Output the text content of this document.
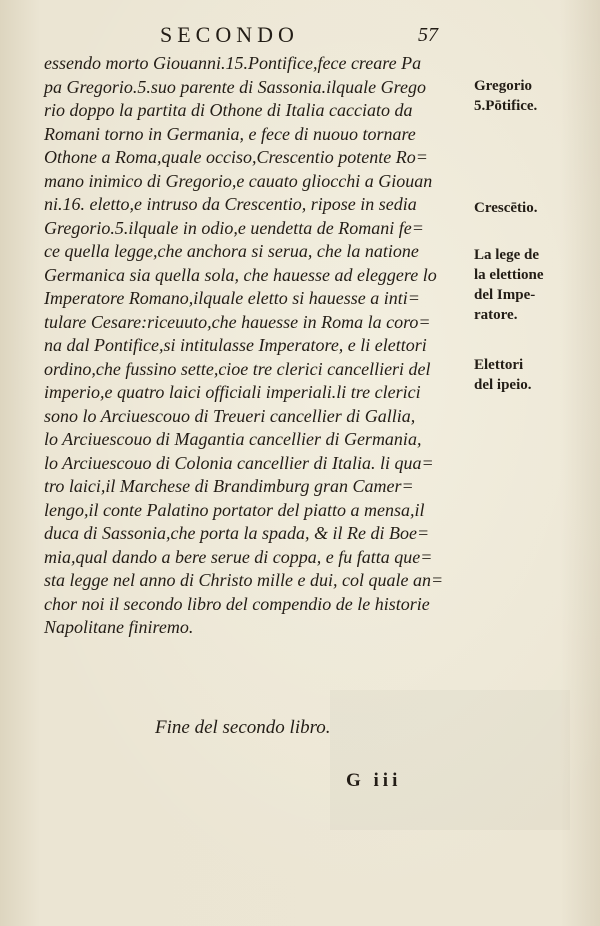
SECONDO	57
essendo morto Giouanni.15.Pontifice,fece creare Pa
pa Gregorio.5.suo parente di Sassonia.ilquale Grego
rio doppo la partita di Othone di Italia cacciato da
Romani torno in Germania, e fece di nuouo tornare
Othone a Roma,quale occiso,Crescentio potente Ro=
mano inimico di Gregorio,e cauato gliocchi a Giouan
ni.16. eletto,e intruso da Crescentio, ripose in sedia
Gregorio.5.ilquale in odio,e uendetta de Romani fe=
ce quella legge,che anchora si serua, che la natione
Germanica sia quella sola, che hauesse ad eleggere lo
Imperatore Romano,ilquale eletto si hauesse a inti=
tulare Cesare:riceuuto,che hauesse in Roma la coro=
na dal Pontifice,si intitulasse Imperatore, e li elettori
ordino,che fussino sette,cioe tre clerici cancellieri del
imperio,e quatro laici officiali imperiali.li tre clerici
sono lo Arciuescouo di Treueri cancellier di Gallia,
lo Arciuescouo di Magantia cancellier di Germania,
lo Arciuescouo di Colonia cancellier di Italia. li qua=
tro laici,il Marchese di Brandimburg gran Camer=
lengo,il conte Palatino portator del piatto a mensa,il
duca di Sassonia,che porta la spada, & il Re di Boe=
mia,qual dando a bere serue di coppa, e fu fatta que=
sta legge nel anno di Christo mille e dui, col quale an=
chor noi il secondo libro del compendio de le historie
Napolitane finiremo.
Gregorio
5.Pōtifice.
Crescētio.
La lege de
la elettione
del Impe-
ratore.
Elettori
del ipeio.
Fine del secondo libro.
G iii
